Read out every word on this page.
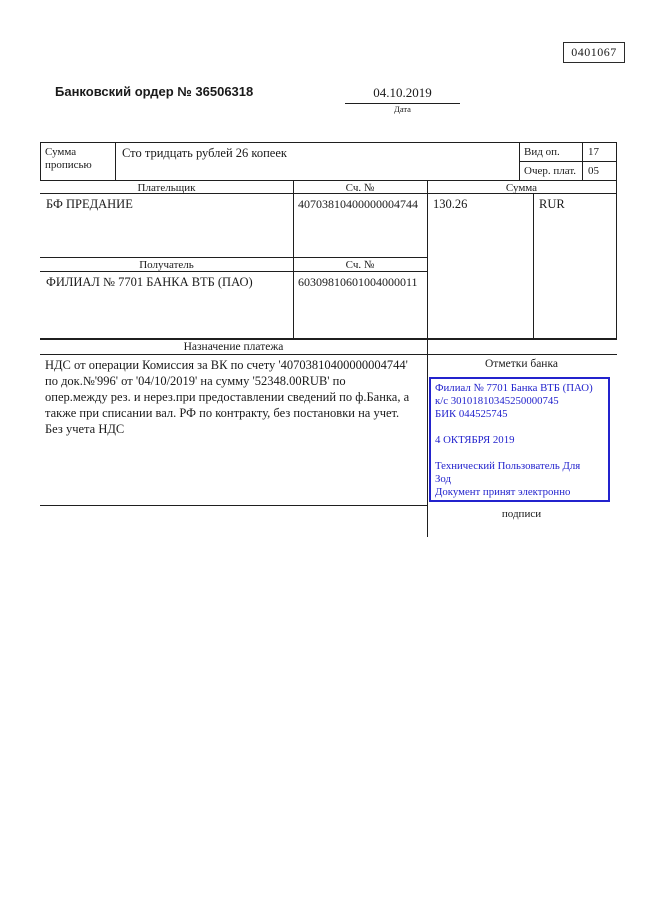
0401067
Банковский ордер № 36506318	04.10.2019
Дата
Сумма
прописью
Сто тридцать рублей 26 копеек	Вид оп.	17
Очер. плат. 05
Плательщик	Сч. №	Сумма
БФ ПРЕДАНИЕ	40703810400000004744 130.26	RUR
Получатель	Сч. №
ФИЛИАЛ № 7701 БАНКА ВТБ (ПАО)	60309810601004000011
Назначение платежа
НДС от операции Комиссия за ВК по счету '40703810400000004744'
по док.№'996' от '04/10/2019' на сумму '52348.00RUB' по
опер.между рез. и нерез.при предоставлении сведений по ф.Банка, а
также при списании вал. РФ по контракту, без постановки на учет.
Без учета НДС
Отметки банка
Филиал № 7701 Банка ВТБ (ПАО)
к/с 30101810345250000745
БИК 044525745
4 ОКТЯБРЯ 2019
Технический Пользователь Для
Зод
Документ принят электронно
подписи
